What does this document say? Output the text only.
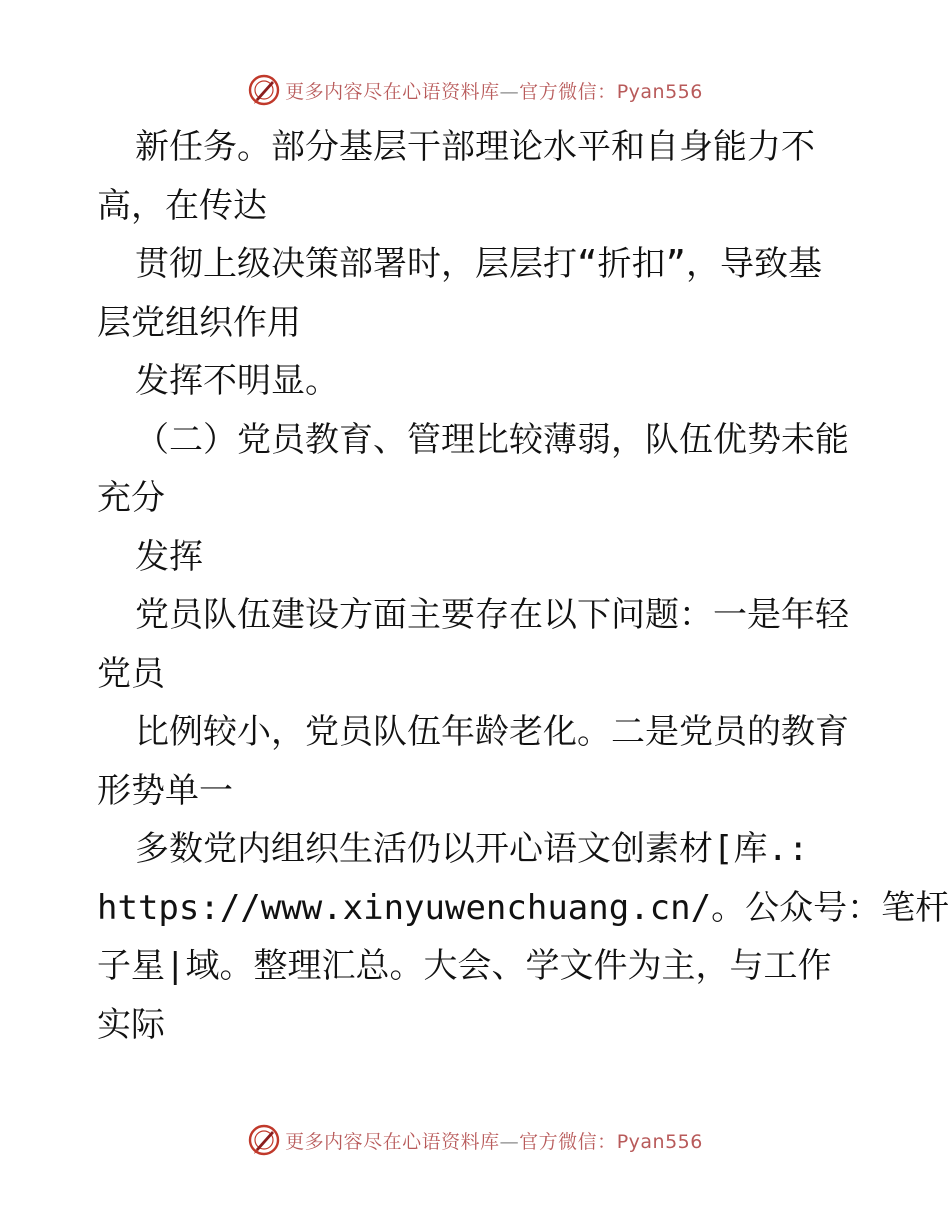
更多内容尽在心语资料库—官方微信：Pyan556
新任务。部分基层干部理论水平和自身能力不
高，在传达
贯彻上级决策部署时，层层打“折扣”，导致基
层党组织作用
发挥不明显。
（二）党员教育、管理比较薄弱，队伍优势未能
充分
发挥
党员队伍建设方面主要存在以下问题：一是年轻
党员
比例较小，党员队伍年龄老化。二是党员的教育
形势单一
多数党内组织生活仍以开心语文创素材[库.:
https://www.xinyuwenchuang.cn/。公众号：笔杆
子星|域。整理汇总。大会、学文件为主，与工作
实际
更多内容尽在心语资料库—官方微信：Pyan556
